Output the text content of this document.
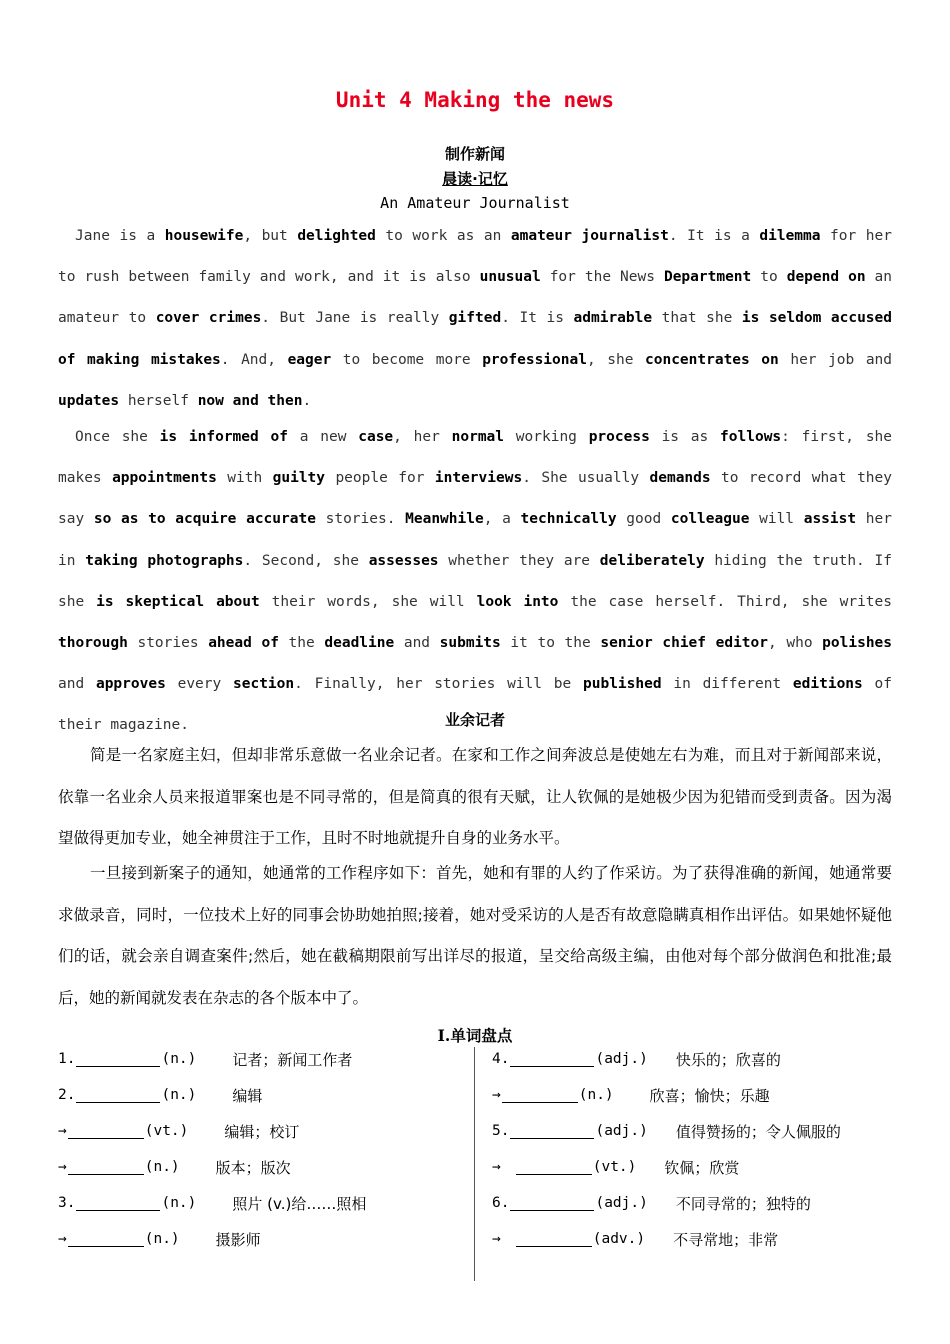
Unit 4 Making the news
制作新闻
晨读·记忆
An Amateur Journalist
Jane is a housewife, but delighted to work as an amateur journalist. It is a dilemma for her to rush between family and work, and it is also unusual for the News Department to depend on an amateur to cover crimes. But Jane is really gifted. It is admirable that she is seldom accused of making mistakes. And, eager to become more professional, she concentrates on her job and updates herself now and then.
Once she is informed of a new case, her normal working process is as follows: first, she makes appointments with guilty people for interviews. She usually demands to record what they say so as to acquire accurate stories. Meanwhile, a technically good colleague will assist her in taking photographs. Second, she assesses whether they are deliberately hiding the truth. If she is skeptical about their words, she will look into the case herself. Third, she writes thorough stories ahead of the deadline and submits it to the senior chief editor, who polishes and approves every section. Finally, her stories will be published in different editions of their magazine.	业余记者
简是一名家庭主妇，但却非常乐意做一名业余记者。在家和工作之间奔波总是使她左右为难，而且对于新闻部来说，依靠一名业余人员来报道罪案也是不同寻常的，但是简真的很有天赋，让人钦佩的是她极少因为犯错而受到责备。因为渴望做得更加专业，她全神贯注于工作，且时不时地就提升自身的业务水平。
一旦接到新案子的通知，她通常的工作程序如下：首先，她和有罪的人约了作采访。为了获得准确的新闻，她通常要求做录音，同时，一位技术上好的同事会协助她拍照;接着，她对受采访的人是否有故意隐瞒真相作出评估。如果她怀疑他们的话，就会亲自调查案件;然后，她在截稿期限前写出详尽的报道，呈交给高级主编，由他对每个部分做润色和批准;最后，她的新闻就发表在杂志的各个版本中了。
I.单词盘点
1.	(n.) 记者；新闻工作者
2.	(n.) 编辑
→	(vt.) 编辑；校订
→	(n.) 版本；版次
3.	(n.) 照片 (v.)给……照相
→	(n.) 摄影师
4.	(adj.) 快乐的；欣喜的
→	(n.) 欣喜；愉快；乐趣
5.	(adj.) 值得赞扬的；令人佩服的
→	(vt.) 钦佩；欣赏
6.	(adj.) 不同寻常的；独特的
→	(adv.) 不寻常地；非常
